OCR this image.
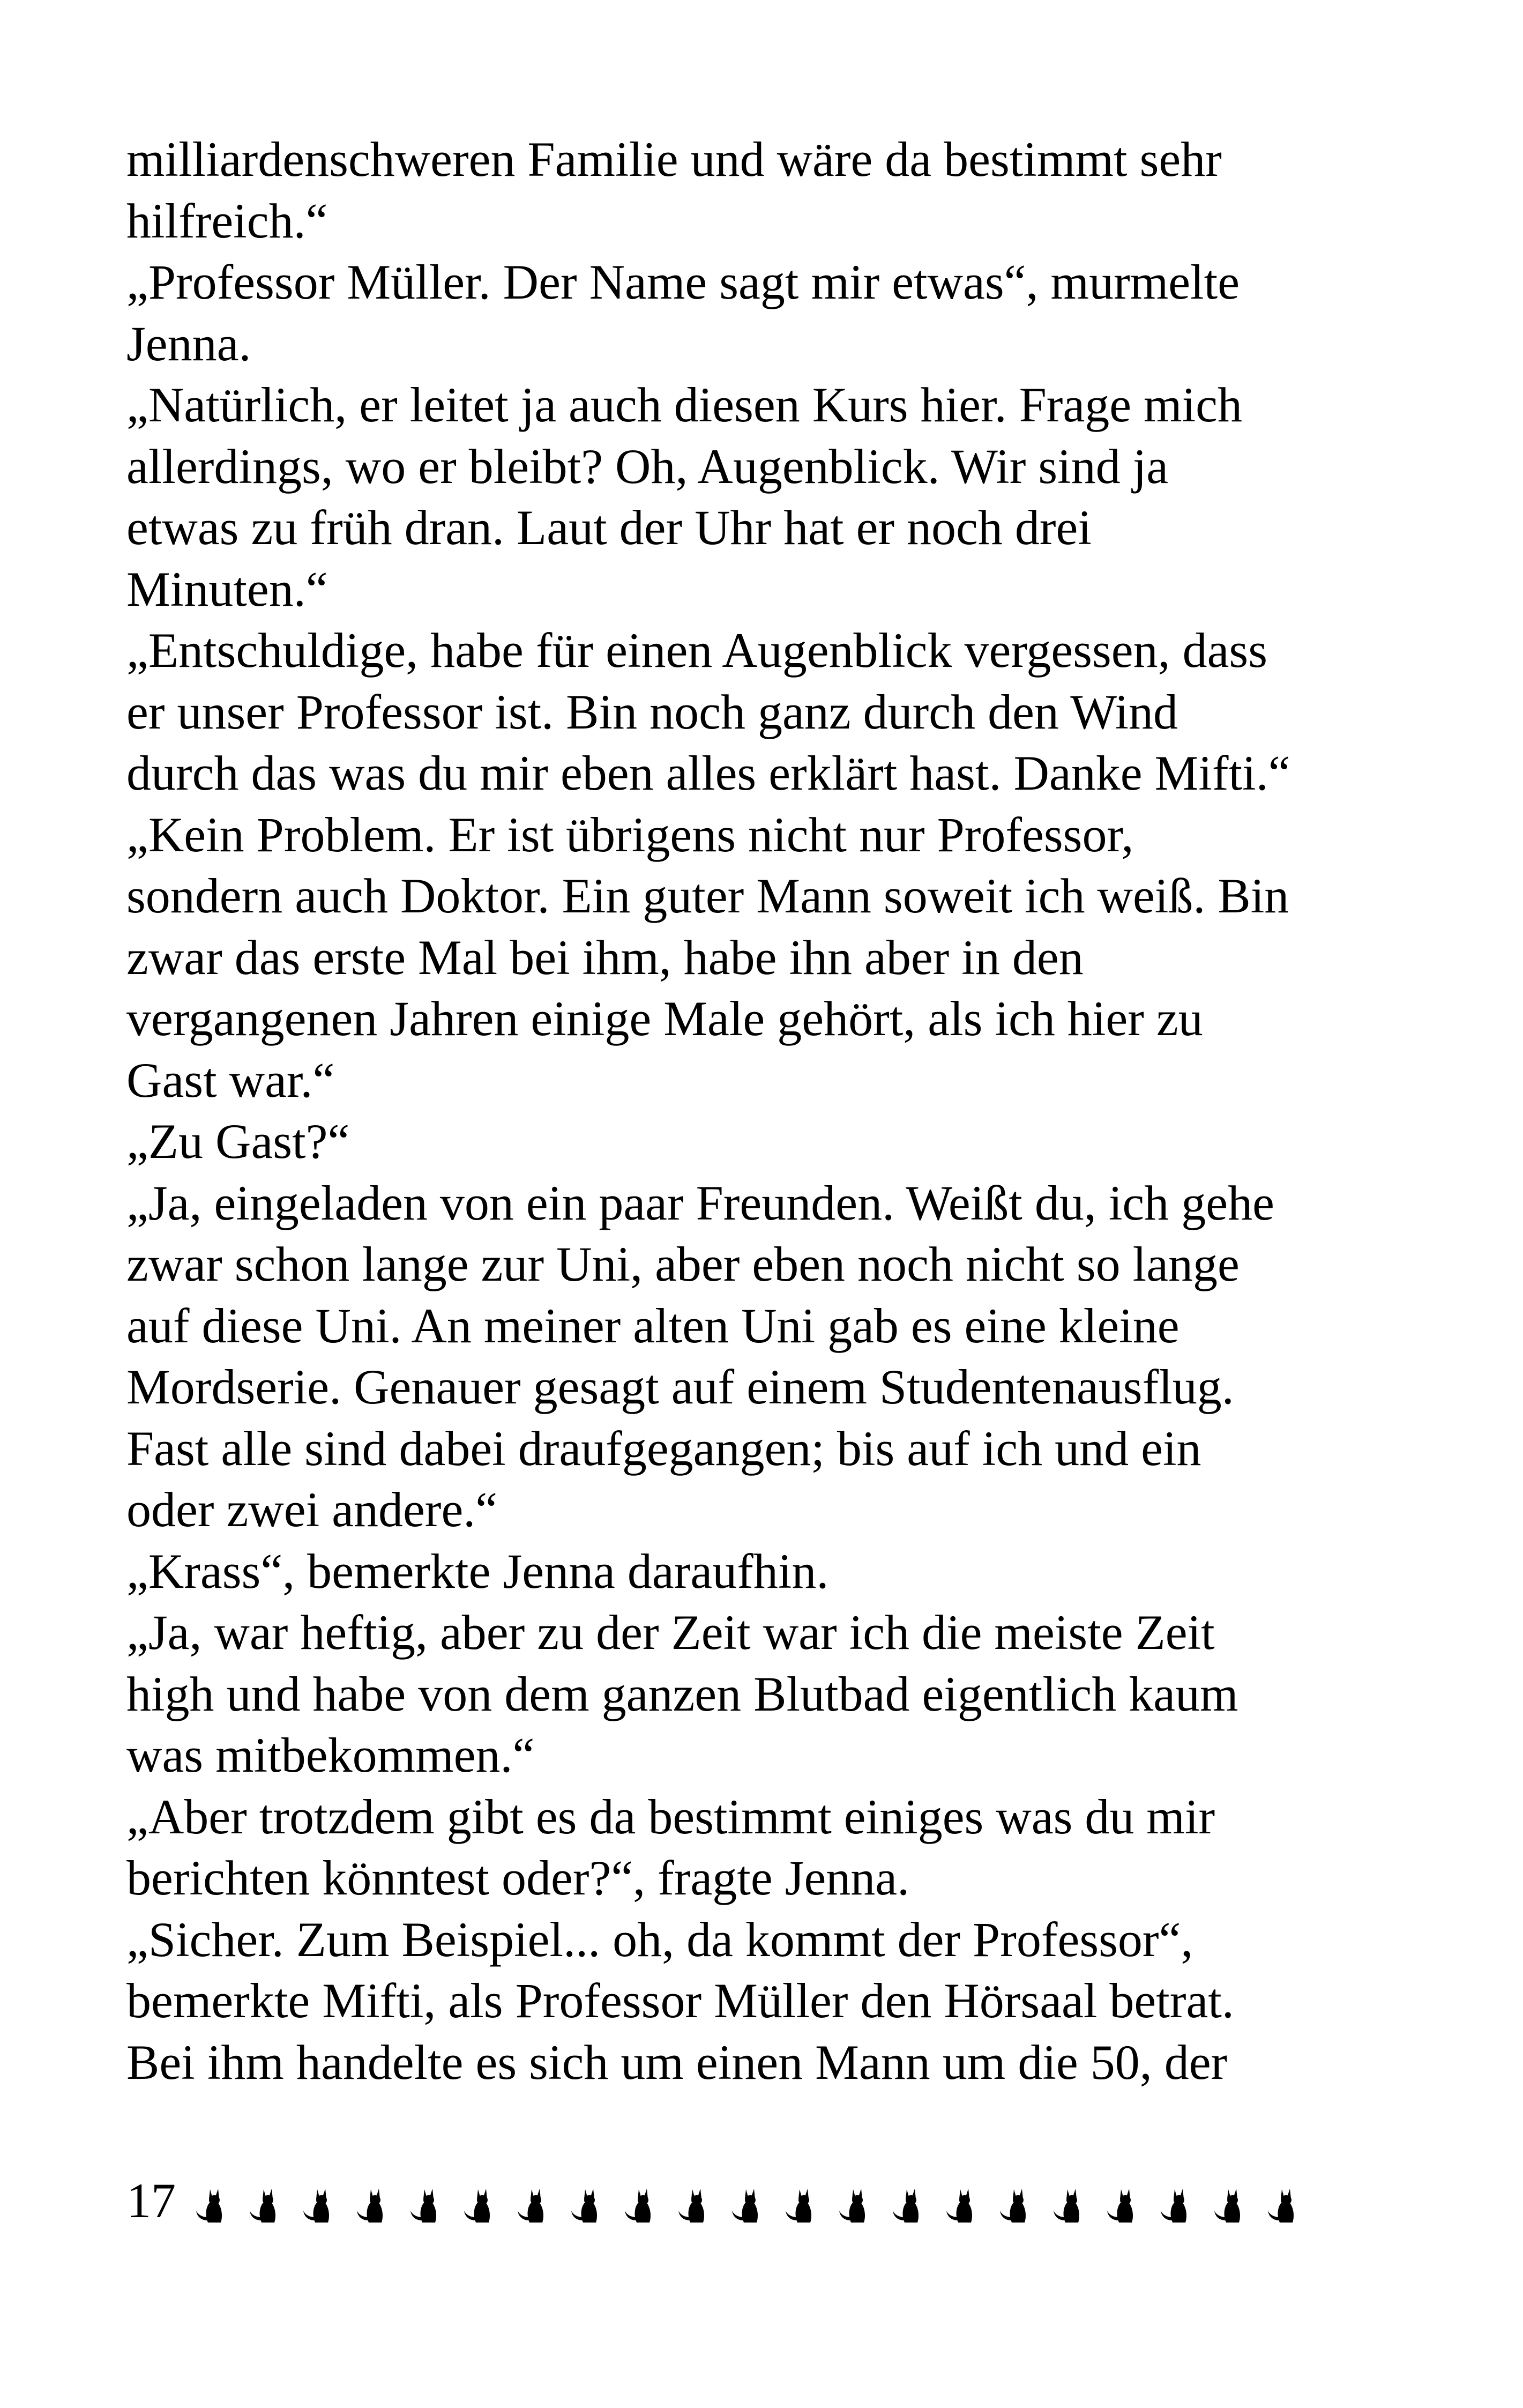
milliardenschweren Familie und wäre da bestimmt sehr
hilfreich.“
„Professor Müller. Der Name sagt mir etwas“, murmelte
Jenna.
„Natürlich, er leitet ja auch diesen Kurs hier. Frage mich
allerdings, wo er bleibt? Oh, Augenblick. Wir sind ja
etwas zu früh dran. Laut der Uhr hat er noch drei
Minuten.“
„Entschuldige, habe für einen Augenblick vergessen, dass
er unser Professor ist. Bin noch ganz durch den Wind
durch das was du mir eben alles erklärt hast. Danke Mifti.“
„Kein Problem. Er ist übrigens nicht nur Professor,
sondern auch Doktor. Ein guter Mann soweit ich weiß. Bin
zwar das erste Mal bei ihm, habe ihn aber in den
vergangenen Jahren einige Male gehört, als ich hier zu
Gast war.“
„Zu Gast?“
„Ja, eingeladen von ein paar Freunden. Weißt du, ich gehe
zwar schon lange zur Uni, aber eben noch nicht so lange
auf diese Uni. An meiner alten Uni gab es eine kleine
Mordserie. Genauer gesagt auf einem Studentenausflug.
Fast alle sind dabei draufgegangen; bis auf ich und ein
oder zwei andere.“
„Krass“, bemerkte Jenna daraufhin.
„Ja, war heftig, aber zu der Zeit war ich die meiste Zeit
high und habe von dem ganzen Blutbad eigentlich kaum
was mitbekommen.“
„Aber trotzdem gibt es da bestimmt einiges was du mir
berichten könntest oder?“, fragte Jenna.
„Sicher. Zum Beispiel... oh, da kommt der Professor“,
bemerkte Mifti, als Professor Müller den Hörsaal betrat.
Bei ihm handelte es sich um einen Mann um die 50, der
17
